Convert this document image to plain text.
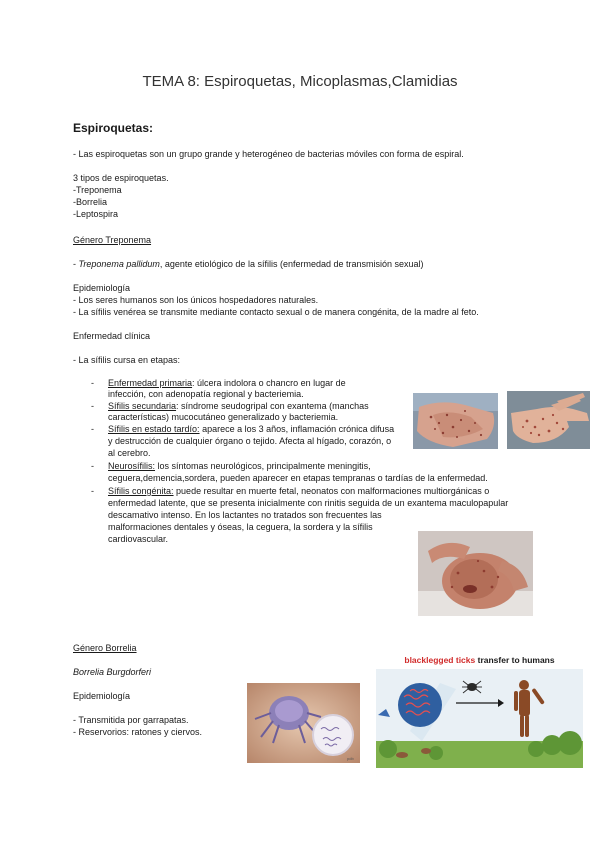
TEMA 8: Espiroquetas, Micoplasmas,Clamidias
Espiroquetas:
- Las espiroquetas son un grupo grande y heterogéneo de bacterias móviles con forma de espiral.
3 tipos de espiroquetas.
-Treponema
-Borrelia
-Leptospira
Género Treponema
- Treponema pallidum, agente etiológico de la sífilis (enfermedad de transmisión sexual)
Epidemiología
- Los seres humanos son los únicos hospedadores naturales.
- La sífilis venérea se transmite mediante contacto sexual o de manera congénita, de la madre al feto.
Enfermedad clínica
- La sífilis cursa en etapas:
- Enfermedad primaria: úlcera indolora o chancro en lugar de
infección, con adenopatía regional y bacteriemia.
- Sífilis secundaria: síndrome seudogripal con exantema (manchas
características) mucocutáneo generalizado y bacteriemia.
- Sífilis en estado tardío: aparece a los 3 años, inflamación crónica difusa
y destrucción de cualquier órgano o tejido. Afecta al hígado, corazón, o
al cerebro.
- Neurosífilis: los síntomas neurológicos, principalmente meningitis,
ceguera,demencia,sordera, pueden aparecer en etapas tempranas o tardías de la enfermedad.
- Sífilis congénita: puede resultar en muerte fetal, neonatos con malformaciones multiorgánicas o
enfermedad latente, que se presenta inicialmente con rinitis seguida de un exantema maculopapular
descamativo intenso. En los lactantes no tratados son frecuentes las
malformaciones dentales y óseas, la ceguera, la sordera y la sífilis
cardiovascular.
Género Borrelia
Borrelia Burgdorferi
Epidemiología
- Transmitida por garrapatas.
- Reservorios: ratones y ciervos.
pdb
blacklegged ticks transfer to humans
